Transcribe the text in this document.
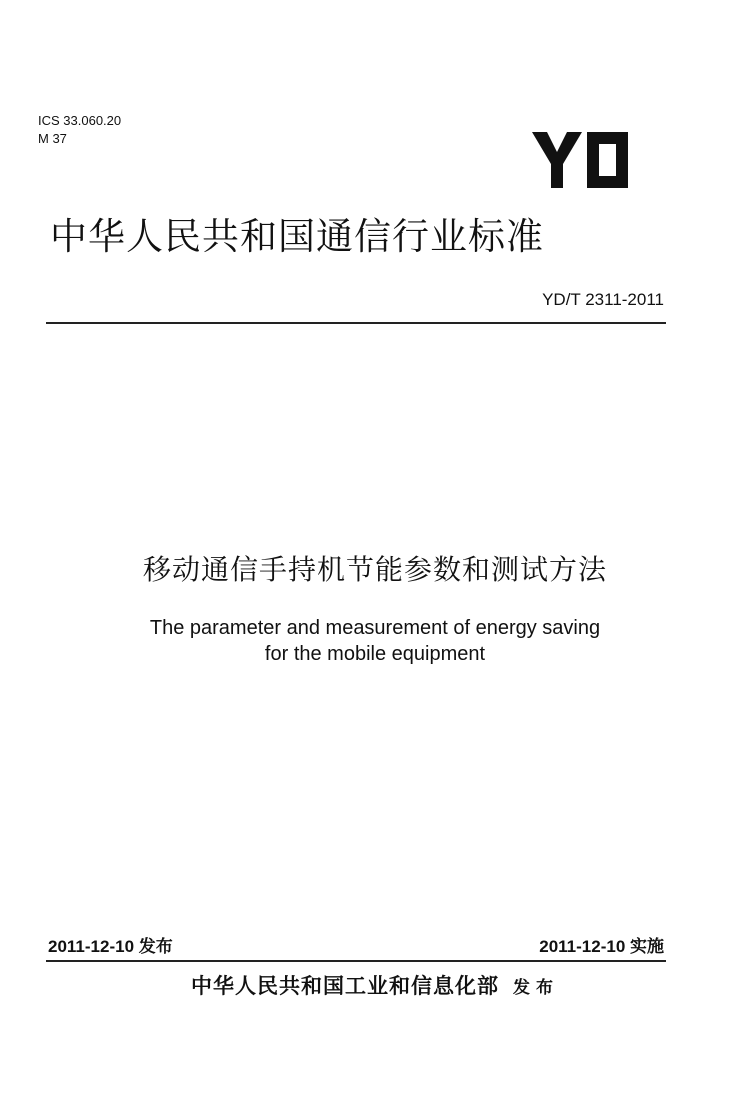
ICS 33.060.20
M 37
中华人民共和国通信行业标准
YD/T 2311-2011
移动通信手持机节能参数和测试方法
The parameter and measurement of energy saving
for the mobile equipment
2011-12-10 发布	2011-12-10 实施
中华人民共和国工业和信息化部 发布
